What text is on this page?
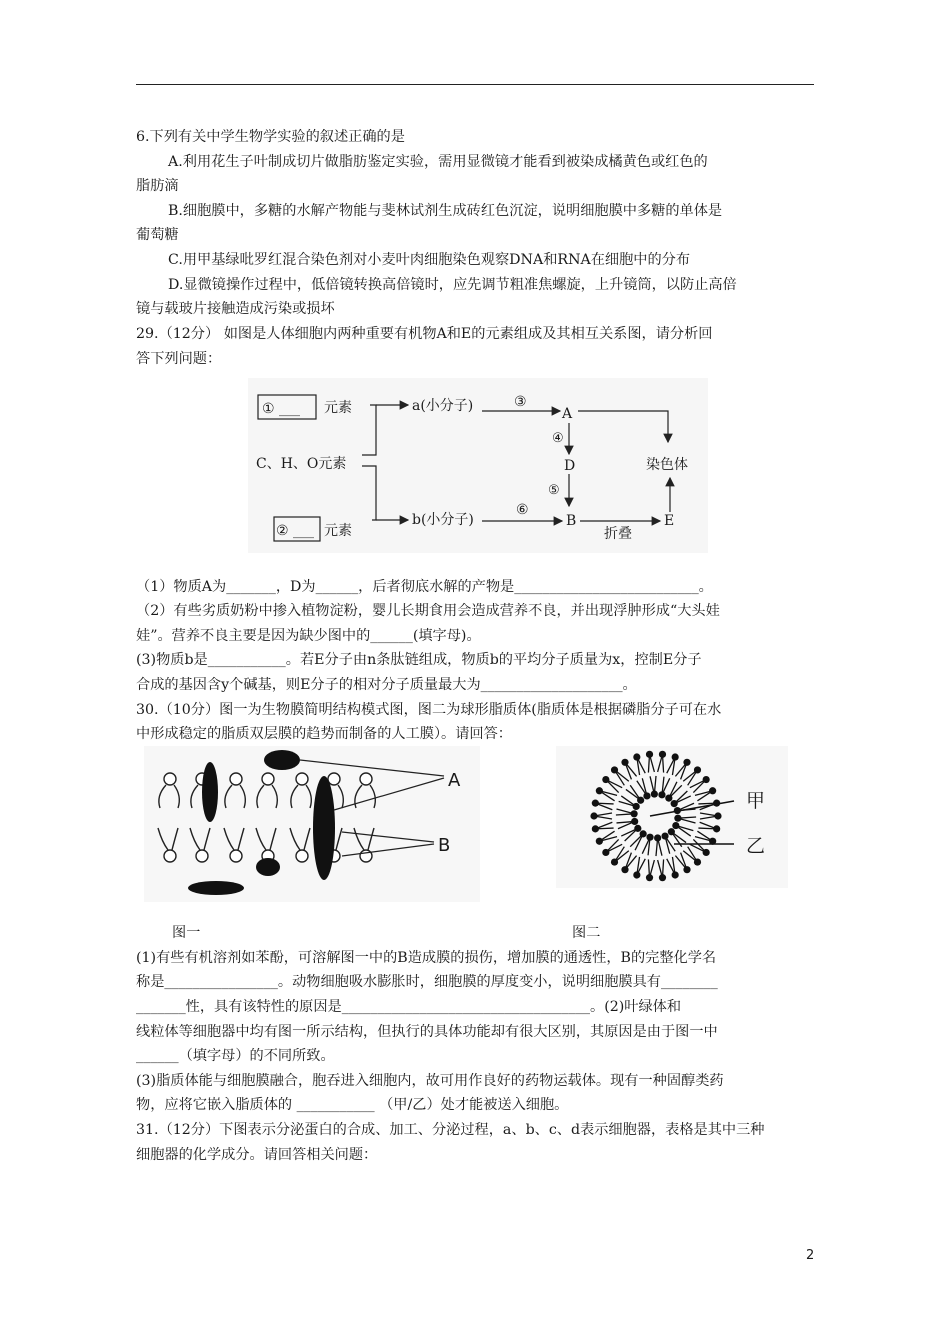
6.下列有关中学生物学实验的叙述正确的是
A.利用花生子叶制成切片做脂肪鉴定实验，需用显微镜才能看到被染成橘黄色或红色的
脂肪滴
B.细胞膜中，多糖的水解产物能与斐林试剂生成砖红色沉淀，说明细胞膜中多糖的单体是
葡萄糖
C.用甲基绿吡罗红混合染色剂对小麦叶肉细胞染色观察DNA和RNA在细胞中的分布
D.显微镜操作过程中，低倍镜转换高倍镜时，应先调节粗准焦螺旋，上升镜筒，以防止高倍
镜与载玻片接触造成污染或损坏
29.（12分） 如图是人体细胞内两种重要有机物A和E的元素组成及其相互关系图，请分析回
答下列问题：
① ___ 元素
② ___ 元素
C、H、O元素
a(小分子)
b(小分子)
③
⑥
A
B
D
④
⑤
染色体
E
折叠
（1）物质A为_______，D为______，后者彻底水解的产物是__________________________。
（2）有些劣质奶粉中掺入植物淀粉，婴儿长期食用会造成营养不良，并出现浮肿形成“大头娃
娃”。营养不良主要是因为缺少图中的______(填字母)。
(3)物质b是___________。若E分子由n条肽链组成，物质b的平均分子质量为x，控制E分子
合成的基因含y个碱基，则E分子的相对分子质量最大为____________________。
30.（10分）图一为生物膜简明结构模式图，图二为球形脂质体(脂质体是根据磷脂分子可在水
中形成稳定的脂质双层膜的趋势而制备的人工膜）。请回答：
A
B
甲
乙
图一	图二
(1)有些有机溶剂如苯酚，可溶解图一中的B造成膜的损伤，增加膜的通透性，B的完整化学名
称是________________。动物细胞吸水膨胀时，细胞膜的厚度变小，说明细胞膜具有________
_______性，具有该特性的原因是___________________________________。(2)叶绿体和
线粒体等细胞器中均有图一所示结构，但执行的具体功能却有很大区别，其原因是由于图一中
______（填字母）的不同所致。
(3)脂质体能与细胞膜融合，胞吞进入细胞内，故可用作良好的药物运载体。现有一种固醇类药
物，应将它嵌入脂质体的 ___________ （甲/乙）处才能被送入细胞。
31.（12分）下图表示分泌蛋白的合成、加工、分泌过程，a、b、c、d表示细胞器，表格是其中三种
细胞器的化学成分。请回答相关问题：
2
